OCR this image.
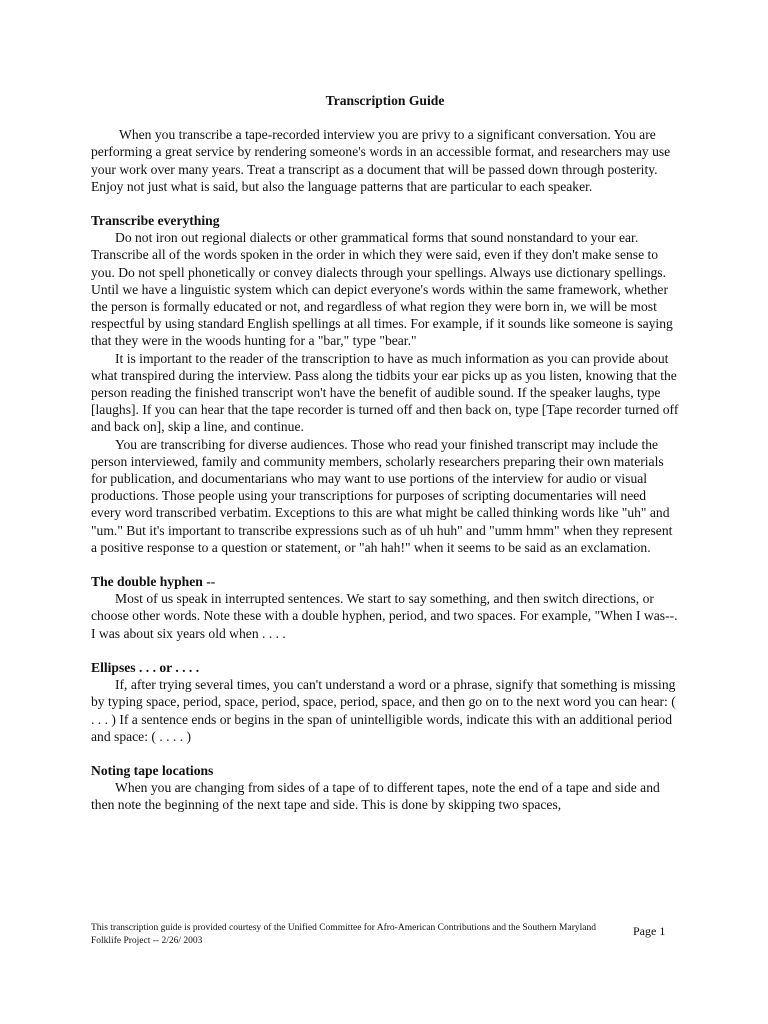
Transcription Guide

When you transcribe a tape-recorded interview you are privy to a significant conversation. You are performing a great service by rendering someone's words in an accessible format, and researchers may use your work over many years. Treat a transcript as a document that will be passed down through posterity. Enjoy not just what is said, but also the language patterns that are particular to each speaker.

Transcribe everything

Do not iron out regional dialects or other grammatical forms that sound nonstandard to your ear. Transcribe all of the words spoken in the order in which they were said, even if they don't make sense to you. Do not spell phonetically or convey dialects through your spellings. Always use dictionary spellings. Until we have a linguistic system which can depict everyone's words within the same framework, whether the person is formally educated or not, and regardless of what region they were born in, we will be most respectful by using standard English spellings at all times. For example, if it sounds like someone is saying that they were in the woods hunting for a "bar," type "bear."

It is important to the reader of the transcription to have as much information as you can provide about what transpired during the interview. Pass along the tidbits your ear picks up as you listen, knowing that the person reading the finished transcript won't have the benefit of audible sound. If the speaker laughs, type [laughs]. If you can hear that the tape recorder is turned off and then back on, type [Tape recorder turned off and back on], skip a line, and continue.

You are transcribing for diverse audiences. Those who read your finished transcript may include the person interviewed, family and community members, scholarly researchers preparing their own materials for publication, and documentarians who may want to use portions of the interview for audio or visual productions. Those people using your transcriptions for purposes of scripting documentaries will need every word transcribed verbatim. Exceptions to this are what might be called thinking words like "uh" and "um." But it's important to transcribe expressions such as of uh huh" and "umm hmm" when they represent a positive response to a question or statement, or "ah hah!" when it seems to be said as an exclamation.

The double hyphen --

Most of us speak in interrupted sentences. We start to say something, and then switch directions, or choose other words. Note these with a double hyphen, period, and two spaces. For example, "When I was--. I was about six years old when . . . .

Ellipses . . . or . . . .

If, after trying several times, you can't understand a word or a phrase, signify that something is missing by typing space, period, space, period, space, period, space, and then go on to the next word you can hear: ( . . . ) If a sentence ends or begins in the span of unintelligible words, indicate this with an additional period and space: ( . . . . )

Noting tape locations

When you are changing from sides of a tape of to different tapes, note the end of a tape and side and then note the beginning of the next tape and side. This is done by skipping two spaces,

This transcription guide is provided courtesy of the Unified Committee for Afro-American Contributions and the Southern Maryland Folklife Project -- 2/26/ 2003
Page 1
